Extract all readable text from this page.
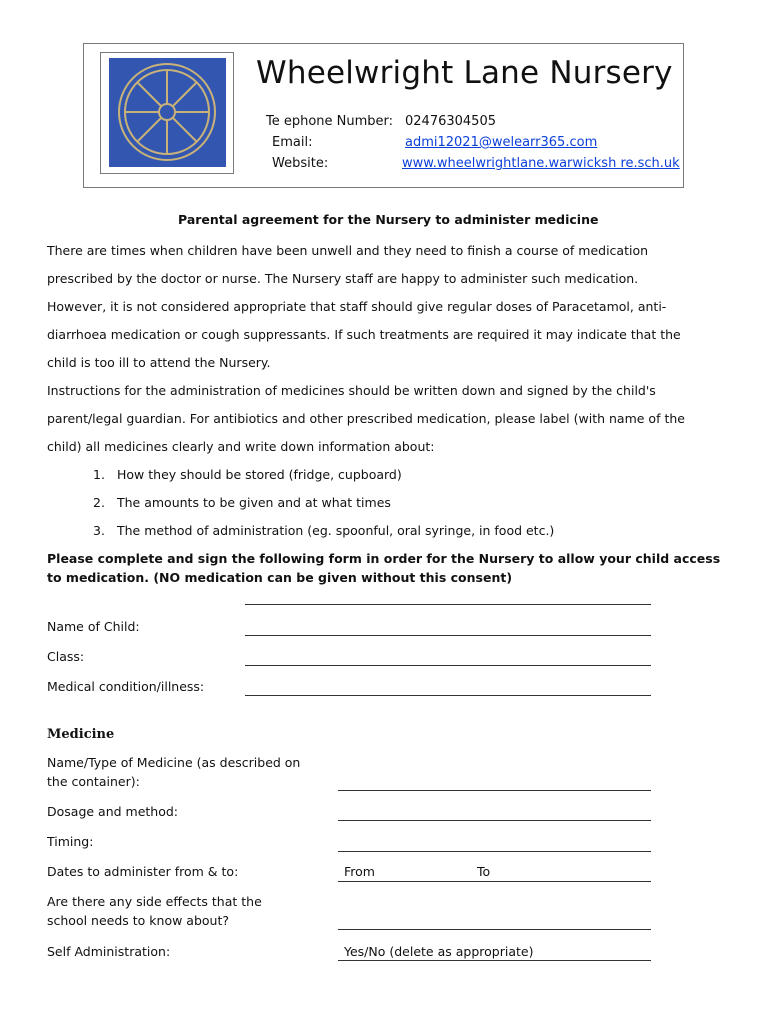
Wheelwright Lane Nursery
Te ephone Number: 02476304505
Email:	admi12021@welearr365.com
Website:	www.wheelwrightlane.warwicksh re.sch.uk
Parental agreement for the Nursery to administer medicine
There are times when children have been unwell and they need to finish a course of medication
prescribed by the doctor or nurse. The Nursery staff are happy to administer such medication.
However, it is not considered appropriate that staff should give regular doses of Paracetamol, anti-
diarrhoea medication or cough suppressants. If such treatments are required it may indicate that the
child is too ill to attend the Nursery.
Instructions for the administration of medicines should be written down and signed by the child's
parent/legal guardian. For antibiotics and other prescribed medication, please label (with name of the
child) all medicines clearly and write down information about:
1. How they should be stored (fridge, cupboard)
2. The amounts to be given and at what times
3. The method of administration (eg. spoonful, oral syringe, in food etc.)
Please complete and sign the following form in order for the Nursery to allow your child access
to medication. (NO medication can be given without this consent)
Name of Child:
Class:
Medical condition/illness:
Medicine
Name/Type of Medicine (as described on
the container):
Dosage and method:
Timing:
Dates to administer from & to:	From	To
Are there any side effects that the
school needs to know about?
Self Administration:	Yes/No (delete as appropriate)
